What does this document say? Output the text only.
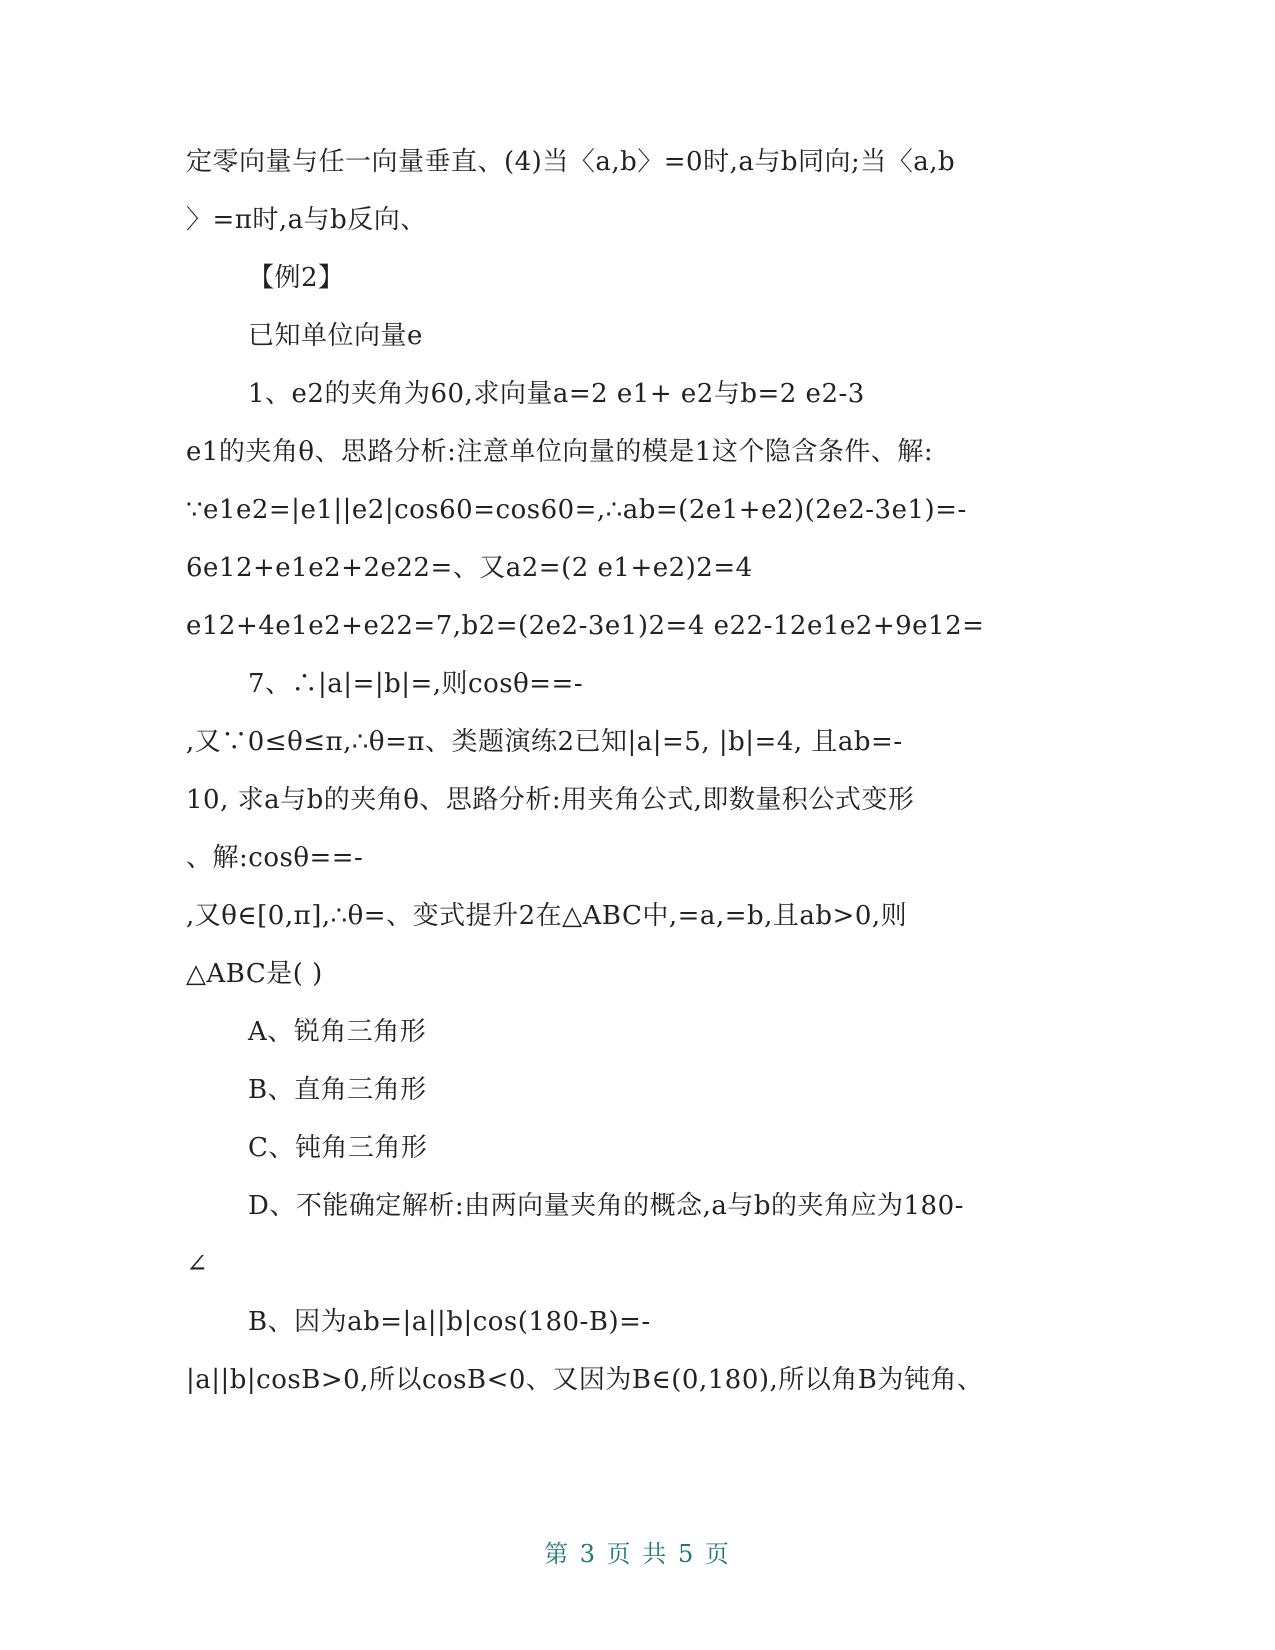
定零向量与任一向量垂直、(4)当〈a,b〉=0时,a与b同向;当〈a,b
〉=π时,a与b反向、
【例2】
已知单位向量e
1、e2的夹角为60,求向量a=2 e1+ e2与b=2 e2-3
e1的夹角θ、思路分析:注意单位向量的模是1这个隐含条件、解:
∵e1e2=|e1||e2|cos60=cos60=,∴ab=(2e1+e2)(2e2-3e1)=-
6e12+e1e2+2e22=、又a2=(2 e1+e2)2=4
e12+4e1e2+e22=7,b2=(2e2-3e1)2=4 e22-12e1e2+9e12=
7、∴|a|=|b|=,则cosθ==-
,又∵0≤θ≤π,∴θ=π、类题演练2已知|a|=5, |b|=4, 且ab=-
10, 求a与b的夹角θ、思路分析:用夹角公式,即数量积公式变形
、解:cosθ==-
,又θ∈[0,π],∴θ=、变式提升2在△ABC中,=a,=b,且ab>0,则
△ABC是( )
A、锐角三角形
B、直角三角形
C、钝角三角形
D、不能确定解析:由两向量夹角的概念,a与b的夹角应为180-
∠
B、因为ab=|a||b|cos(180-B)=-
|a||b|cosB>0,所以cosB<0、又因为B∈(0,180),所以角B为钝角、
第 3 页 共 5 页
